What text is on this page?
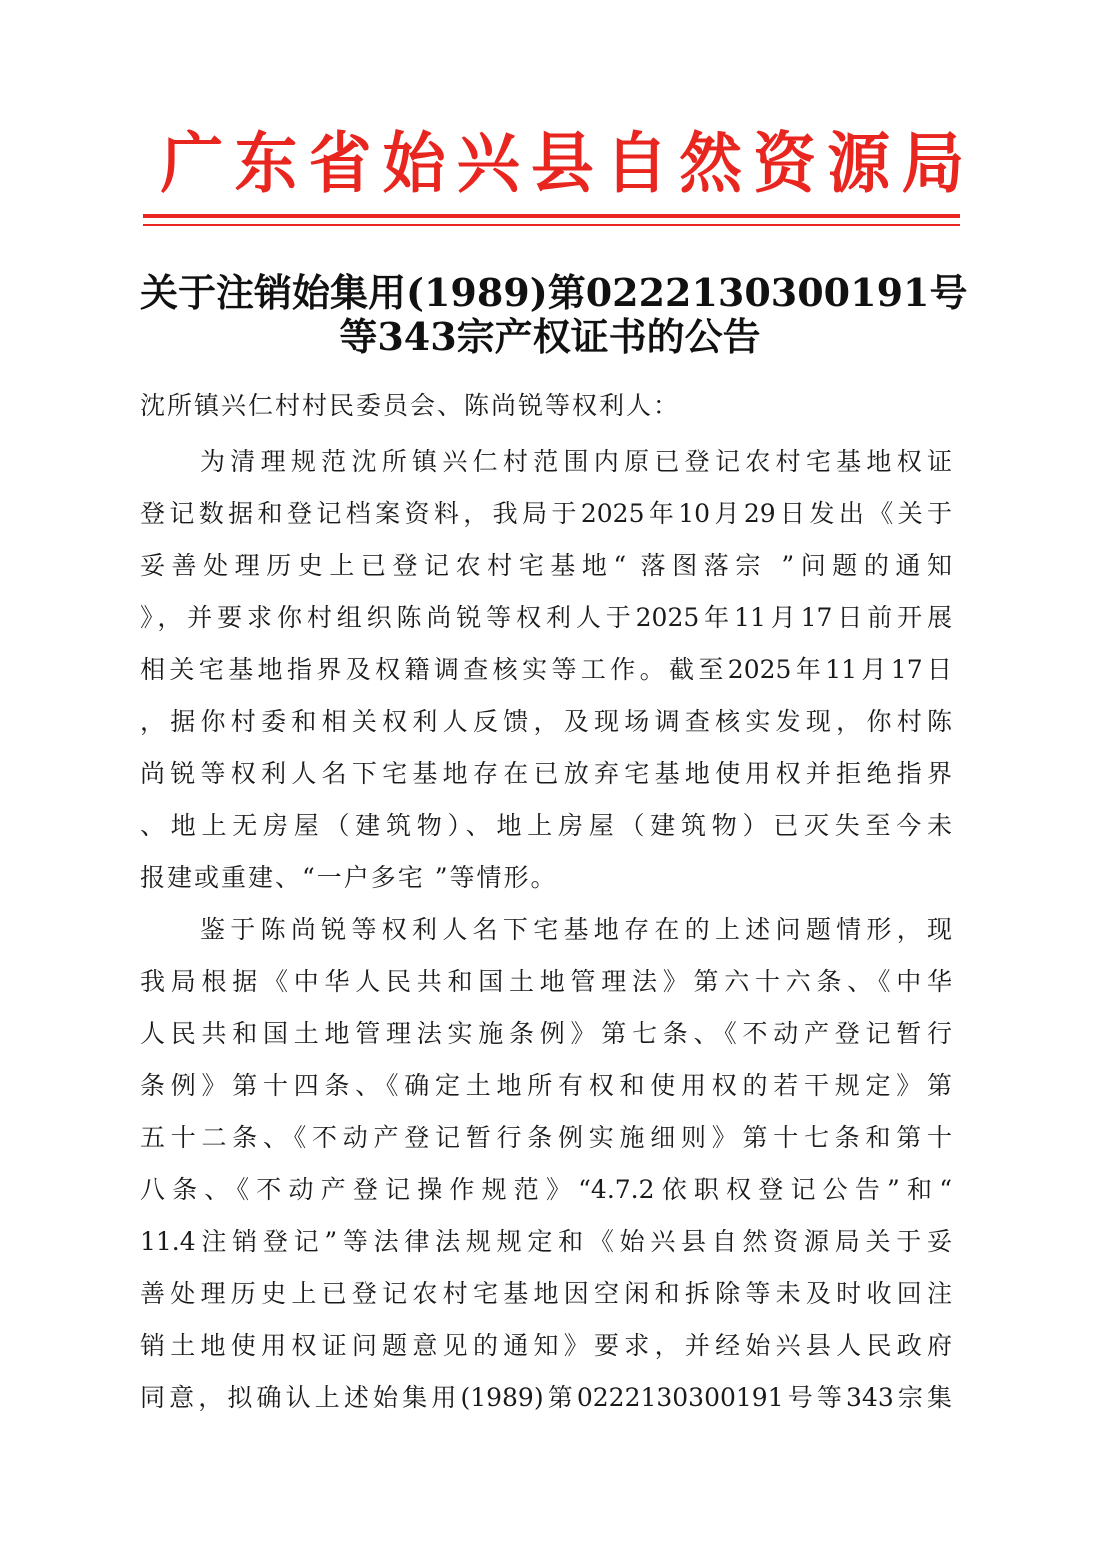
广东省始兴县自然资源局
关于注销始集用(1989)第0222130300191号
等343宗产权证书的公告
沈所镇兴仁村村民委员会、陈尚锐等权利人：
为清理规范沈所镇兴仁村范围内原已登记农村宅基地权证
登记数据和登记档案资料，我局于2025年10月29日发出《关于
妥善处理历史上已登记农村宅基地“ 落图落宗 ”问题的通知
》，并要求你村组织陈尚锐等权利人于2025年11月17日前开展
相关宅基地指界及权籍调查核实等工作。截至2025年11月17日
，据你村委和相关权利人反馈，及现场调查核实发现，你村陈
尚锐等权利人名下宅基地存在已放弃宅基地使用权并拒绝指界
、地上无房屋（建筑物）、地上房屋（建筑物）已灭失至今未
报建或重建、“一户多宅 ”等情形。
鉴于陈尚锐等权利人名下宅基地存在的上述问题情形，现
我局根据《中华人民共和国土地管理法》第六十六条、《中华
人民共和国土地管理法实施条例》第七条、《不动产登记暂行
条例》第十四条、《确定土地所有权和使用权的若干规定》第
五十二条、《不动产登记暂行条例实施细则》第十七条和第十
八条、《不动产登记操作规范》“4.7.2依职权登记公告”和“
11.4注销登记”等法律法规规定和《始兴县自然资源局关于妥
善处理历史上已登记农村宅基地因空闲和拆除等未及时收回注
销土地使用权证问题意见的通知》要求，并经始兴县人民政府
同意，拟确认上述始集用(1989)第0222130300191号等343宗集
